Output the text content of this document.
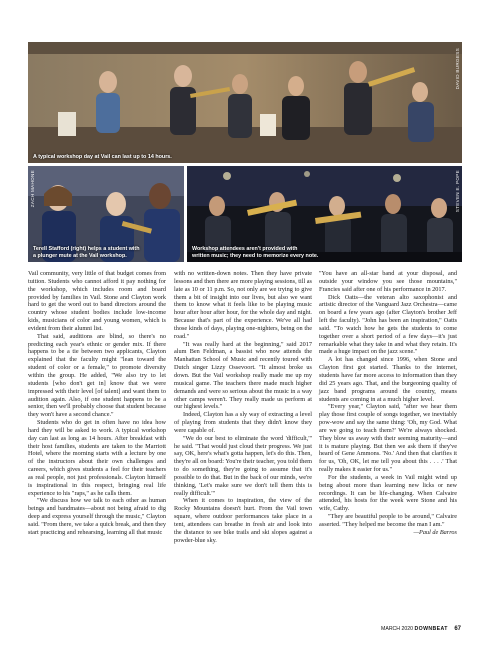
A typical workshop day at Vail can last up to 14 hours.
DAVID BURGESS
Terell Stafford (right) helps a student with
a plunger mute at the Vail workshop.
ZACH MAHONE
Workshop attendees aren't provided with
written music; they need to memorize every note.
STEVEN E. POPE

Vail community, very little of that budget comes from tuition. Students who cannot afford it pay nothing for the workshop, which includes room and board provided by families in Vail. Stone and Clayton work hard to get the word out to band directors around the country whose student bodies include low-income kids, musicians of color and young women, which is evident from their alumni list.

That said, auditions are blind, so there's no predicting each year's ethnic or gender mix. If there happens to be a tie between two applicants, Clayton explained that the faculty might "lean toward the student of color or a female," to promote diversity within the group. He added, "We also try to let students [who don't get in] know that we were impressed with their level [of talent] and want them to audition again. Also, if one student happens to be a senior, then we'll probably choose that student because they won't have a second chance."

Students who do get in often have no idea how hard they will be asked to work. A typical workshop day can last as long as 14 hours. After breakfast with their host families, students are taken to the Marriott Hotel, where the morning starts with a lecture by one of the instructors about their own challenges and careers, which gives students a feel for their teachers as real people, not just professionals. Clayton himself is inspirational in this respect, bringing real life experience to his "raps," as he calls them.

"We discuss how we talk to each other as human beings and bandmates—about not being afraid to dig deep and express yourself through the music," Clayton said. "From there, we take a quick break, and then they start practicing and rehearsing, learning all that music

with no written-down notes. Then they have private lessons and then there are more playing sessions, till as late as 10 or 11 p.m. So, not only are we trying to give them a bit of insight into our lives, but also we want them to know what it feels like to be playing music hour after hour after hour, for the whole day and night. Because that's part of the experience. We've all had those kinds of days, playing one-nighters, being on the road."

"It was really hard at the beginning," said 2017 alum Ben Feldman, a bassist who now attends the Manhattan School of Music and recently toured with Dutch singer Lizzy Ossevoort. "It almost broke us down. But the Vail workshop really made me up my musical game. The teachers there made much higher demands and were so serious about the music in a way other camps weren't. They really made us perform at our highest levels."

Indeed, Clayton has a sly way of extracting a level of playing from students that they didn't know they were capable of.

"We do our best to eliminate the word 'difficult,'" he said. "That would just cloud their progress. We just say, OK, here's what's gotta happen, let's do this. Then, they're all on board: You're their teacher, you told them to do something, they're going to assume that it's possible to do that. But in the back of our minds, we're thinking, 'Let's make sure we don't tell them this is really difficult.'"

When it comes to inspiration, the view of the Rocky Mountains doesn't hurt. From the Vail town square, where outdoor performances take place in a tent, attendees can breathe in fresh air and look into the distance to see bike trails and ski slopes against a powder-blue sky.

"You have an all-star band at your disposal, and outside your window you see those mountains," Francies said after one of his performance in 2017.

Dick Oatts—the veteran alto saxophonist and artistic director of the Vanguard Jazz Orchestra—came on board a few years ago (after Clayton's brother Jeff left the faculty). "John has been an inspiration," Oatts said. "To watch how he gets the students to come together over a short period of a few days—it's just remarkable what they take in and what they retain. It's made a huge impact on the jazz scene."

A lot has changed since 1996, when Stone and Clayton first got started. Thanks to the internet, students have far more access to information than they did 25 years ago. That, and the burgeoning quality of jazz band programs around the country, means students are coming in at a much higher level.

"Every year," Clayton said, "after we hear them play those first couple of songs together, we inevitably pow-wow and say the same thing: 'Oh, my God. What are we going to teach them?' We're always shocked. They blow us away with their seeming maturity—and it is mature playing. But then we ask them if they've heard of Gene Ammons. 'No.' And then that clarifies it for us, 'Oh, OK, let me tell you about this . . . .' That really makes it easier for us."

For the students, a week in Vail might wind up being about more than learning new licks or new recordings. It can be life-changing. When Calvaire attended, his hosts for the week were Stone and his wife, Cathy.

"They are beautiful people to be around," Calvaire asserted. "They helped me become the man I am."

—Paul de Barros

MARCH 2020 DOWNBEAT 67
